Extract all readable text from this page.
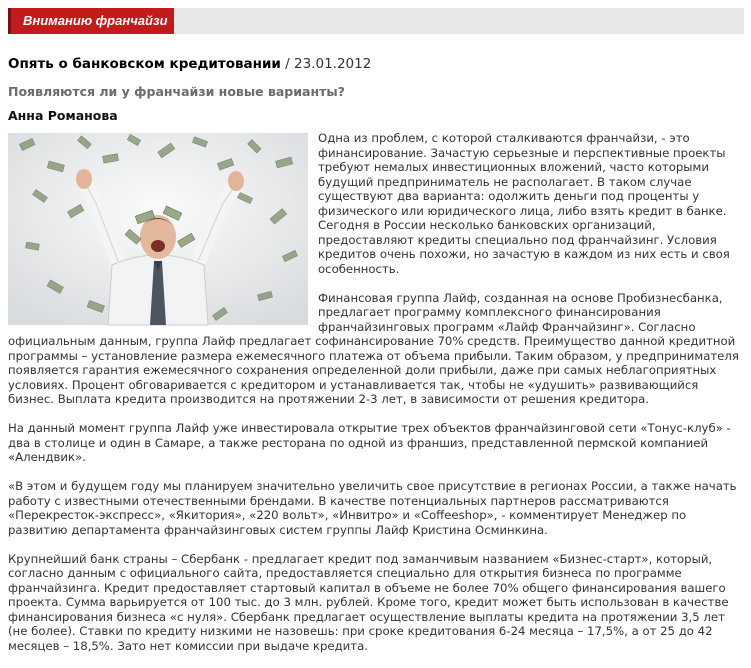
Вниманию франчайзи
Опять о банковском кредитовании / 23.01.2012
Появляются ли у франчайзи новые варианты?
Анна Романова

Одна из проблем, с которой сталкиваются франчайзи, - это финансирование. Зачастую серьезные и перспективные проекты требуют немалых инвестиционных вложений, часто которыми будущий предприниматель не располагает. В таком случае существуют два варианта: одолжить деньги под проценты у физического или юридического лица, либо взять кредит в банке. Сегодня в России несколько банковских организаций, предоставляют кредиты специально под франчайзинг. Условия кредитов очень похожи, но зачастую в каждом из них есть и своя особенность.

Финансовая группа Лайф, созданная на основе Пробизнесбанка, предлагает программу комплексного финансирования франчайзинговых программ «Лайф Франчайзинг». Согласно официальным данным, группа Лайф предлагает софинансирование 70% средств. Преимущество данной кредитной программы – установление размера ежемесячного платежа от объема прибыли. Таким образом, у предпринимателя появляется гарантия ежемесячного сохранения определенной доли прибыли, даже при самых неблагоприятных условиях. Процент обговаривается с кредитором и устанавливается так, чтобы не «удушить» развивающийся бизнес. Выплата кредита производится на протяжении 2-3 лет, в зависимости от решения кредитора.

На данный момент группа Лайф уже инвестировала открытие трех объектов франчайзинговой сети «Тонус-клуб» - два в столице и один в Самаре, а также ресторана по одной из франшиз, представленной пермской компанией «Алендвик».

«В этом и будущем году мы планируем значительно увеличить свое присутствие в регионах России, а также начать работу с известными отечественными брендами. В качестве потенциальных партнеров рассматриваются «Перекресток-экспресс», «Якитория», «220 вольт», «Инвитро» и «Coffeeshop», - комментирует Менеджер по развитию департамента франчайзинговых систем группы Лайф Кристина Осминкина.

Крупнейший банк страны – Сбербанк - предлагает кредит под заманчивым названием «Бизнес-старт», который, согласно данным с официального сайта, предоставляется специально для открытия бизнеса по программе франчайзинга. Кредит предоставляет стартовый капитал в объеме не более 70% общего финансирования вашего проекта. Сумма варьируется от 100 тыс. до 3 млн. рублей. Кроме того, кредит может быть использован в качестве финансирования бизнеса «с нуля». Сбербанк предлагает осуществление выплаты кредита на протяжении 3,5 лет (не более). Ставки по кредиту низкими не назовешь: при сроке кредитования 6-24 месяца – 17,5%, а от 25 до 42 месяцев – 18,5%. Зато нет комиссии при выдаче кредита.
